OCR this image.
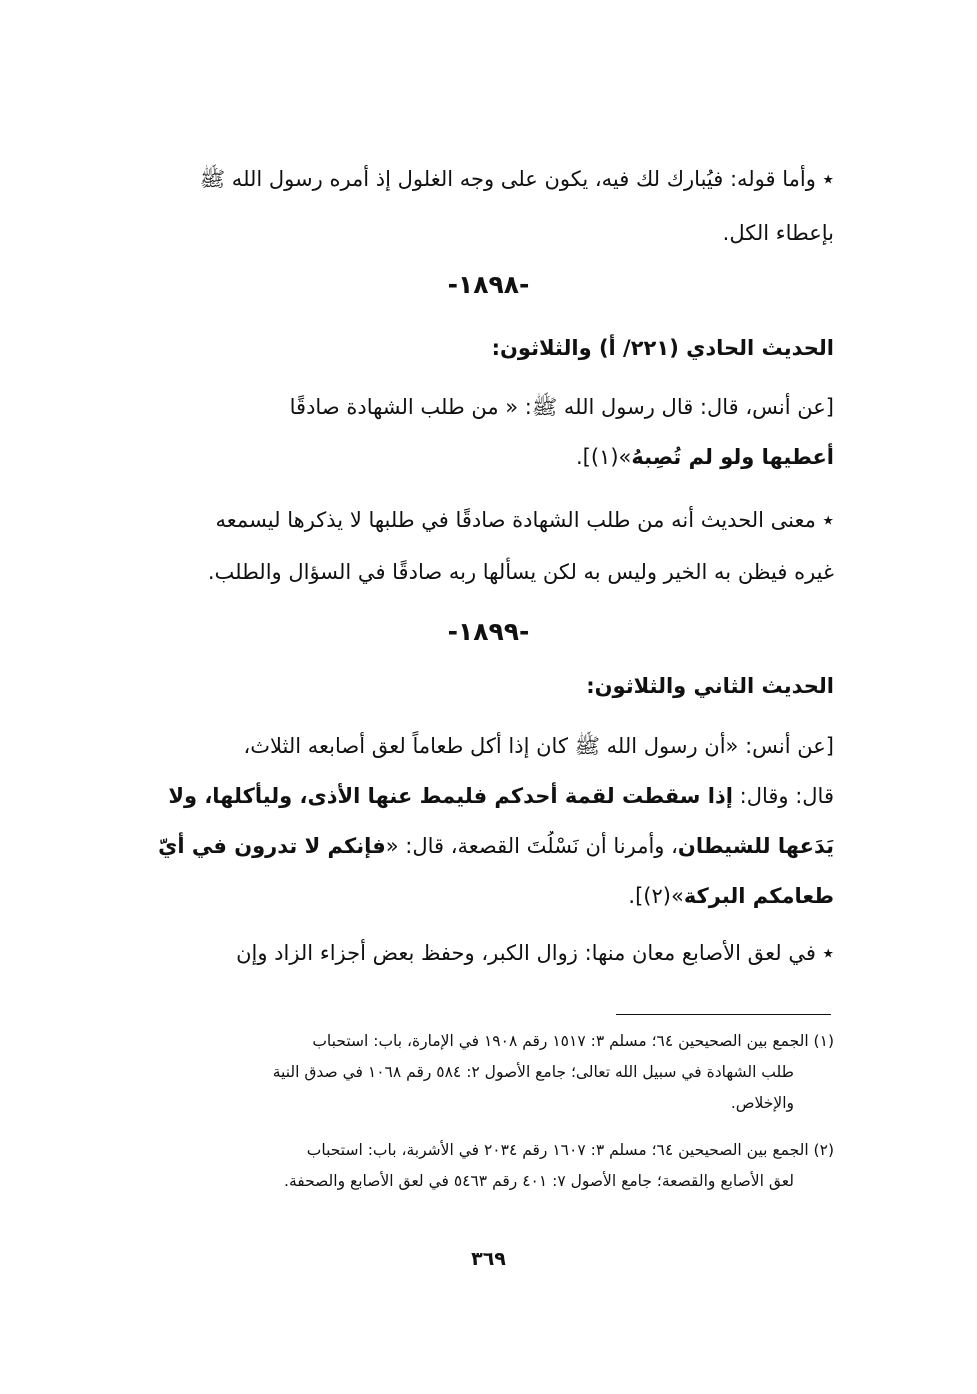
٭ وأما قوله: فيُبارك لك فيه، يكون على وجه الغلول إذ أمره رسول الله ﷺ
بإعطاء الكل.
-١٨٩٨-
الحديث الحادي (٢٢١/ أ) والثلاثون:
[عن أنس، قال: قال رسول الله ﷺ: « من طلب الشهادة صادقًا
أعطيها ولو لم تُصِبهُ»(١)].
٭ معنى الحديث أنه من طلب الشهادة صادقًا في طلبها لا يذكرها ليسمعه
غيره فيظن به الخير وليس به لكن يسألها ربه صادقًا في السؤال والطلب.
-١٨٩٩-
الحديث الثاني والثلاثون:
[عن أنس: «أن رسول الله ﷺ كان إذا أكل طعاماً لعق أصابعه الثلاث،
قال: وقال: إذا سقطت لقمة أحدكم فليمط عنها الأذى، وليأكلها، ولا
يَدَعها للشيطان، وأمرنا أن نَسْلُتَ القصعة، قال: «فإنكم لا تدرون في أيّ
طعامكم البركة»(٢)].
٭ في لعق الأصابع معان منها: زوال الكبر، وحفظ بعض أجزاء الزاد وإن
(١) الجمع بين الصحيحين ٦٤؛ مسلم ٣: ١٥١٧ رقم ١٩٠٨ في الإمارة، باب: استحباب
طلب الشهادة في سبيل الله تعالى؛ جامع الأصول ٢: ٥٨٤ رقم ١٠٦٨ في صدق النية
والإخلاص.
(٢) الجمع بين الصحيحين ٦٤؛ مسلم ٣: ١٦٠٧ رقم ٢٠٣٤ في الأشربة، باب: استحباب
لعق الأصابع والقصعة؛ جامع الأصول ٧: ٤٠١ رقم ٥٤٦٣ في لعق الأصابع والصحفة.
٣٦٩
